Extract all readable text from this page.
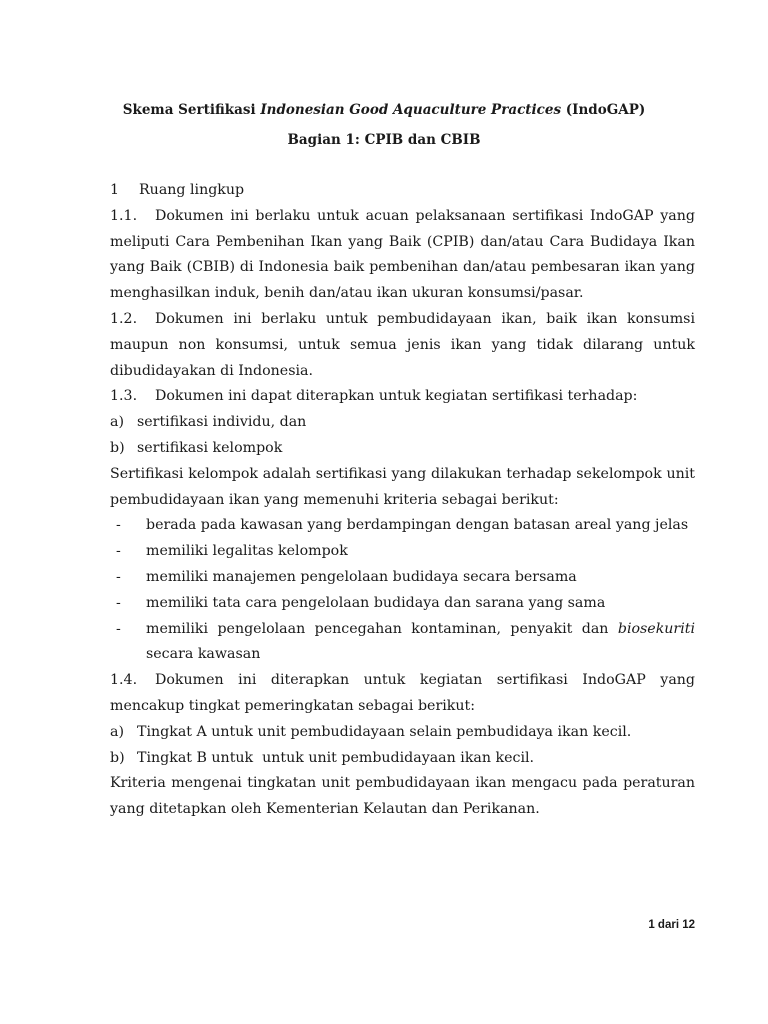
Skema Sertifikasi Indonesian Good Aquaculture Practices (IndoGAP)
Bagian 1: CPIB dan CBIB
1	Ruang lingkup
1.1. Dokumen ini berlaku untuk acuan pelaksanaan sertifikasi IndoGAP yang meliputi Cara Pembenihan Ikan yang Baik (CPIB) dan/atau Cara Budidaya Ikan yang Baik (CBIB) di Indonesia baik pembenihan dan/atau pembesaran ikan yang menghasilkan induk, benih dan/atau ikan ukuran konsumsi/pasar.
1.2. Dokumen ini berlaku untuk pembudidayaan ikan, baik ikan konsumsi maupun non konsumsi, untuk semua jenis ikan yang tidak dilarang untuk dibudidayakan di Indonesia.
1.3. Dokumen ini dapat diterapkan untuk kegiatan sertifikasi terhadap:
a) sertifikasi individu, dan
b) sertifikasi kelompok
Sertifikasi kelompok adalah sertifikasi yang dilakukan terhadap sekelompok unit pembudidayaan ikan yang memenuhi kriteria sebagai berikut:
-	berada pada kawasan yang berdampingan dengan batasan areal yang jelas
-	memiliki legalitas kelompok
-	memiliki manajemen pengelolaan budidaya secara bersama
-	memiliki tata cara pengelolaan budidaya dan sarana yang sama
-	memiliki pengelolaan pencegahan kontaminan, penyakit dan biosekuriti secara kawasan
1.4. Dokumen ini diterapkan untuk kegiatan sertifikasi IndoGAP yang mencakup tingkat pemeringkatan sebagai berikut:
a) Tingkat A untuk unit pembudidayaan selain pembudidaya ikan kecil.
b) Tingkat B untuk  untuk unit pembudidayaan ikan kecil.
Kriteria mengenai tingkatan unit pembudidayaan ikan mengacu pada peraturan yang ditetapkan oleh Kementerian Kelautan dan Perikanan.
1 dari 12
